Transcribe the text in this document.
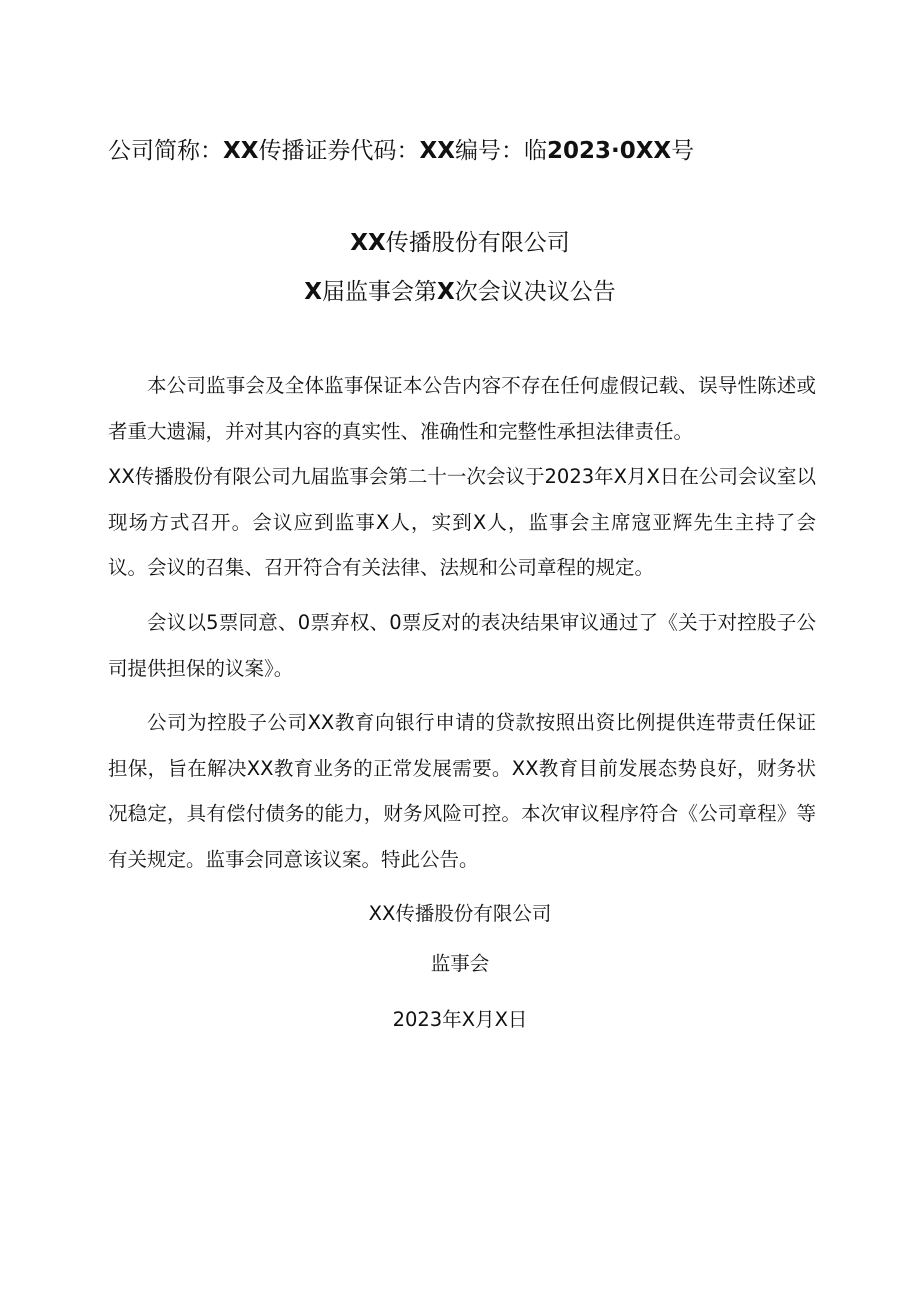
公司简称：XX传播证券代码：XX编号：临2023·0XX号
XX传播股份有限公司
X届监事会第X次会议决议公告

本公司监事会及全体监事保证本公告内容不存在任何虚假记载、误导性陈述或者重大遗漏，并对其内容的真实性、准确性和完整性承担法律责任。

XX传播股份有限公司九届监事会第二十一次会议于2023年X月X日在公司会议室以现场方式召开。会议应到监事X人，实到X人，监事会主席寇亚辉先生主持了会议。会议的召集、召开符合有关法律、法规和公司章程的规定。

会议以5票同意、0票弃权、0票反对的表决结果审议通过了《关于对控股子公司提供担保的议案》。

公司为控股子公司XX教育向银行申请的贷款按照出资比例提供连带责任保证担保，旨在解决XX教育业务的正常发展需要。XX教育目前发展态势良好，财务状况稳定，具有偿付债务的能力，财务风险可控。本次审议程序符合《公司章程》等有关规定。监事会同意该议案。特此公告。

XX传播股份有限公司
监事会
2023年X月X日
